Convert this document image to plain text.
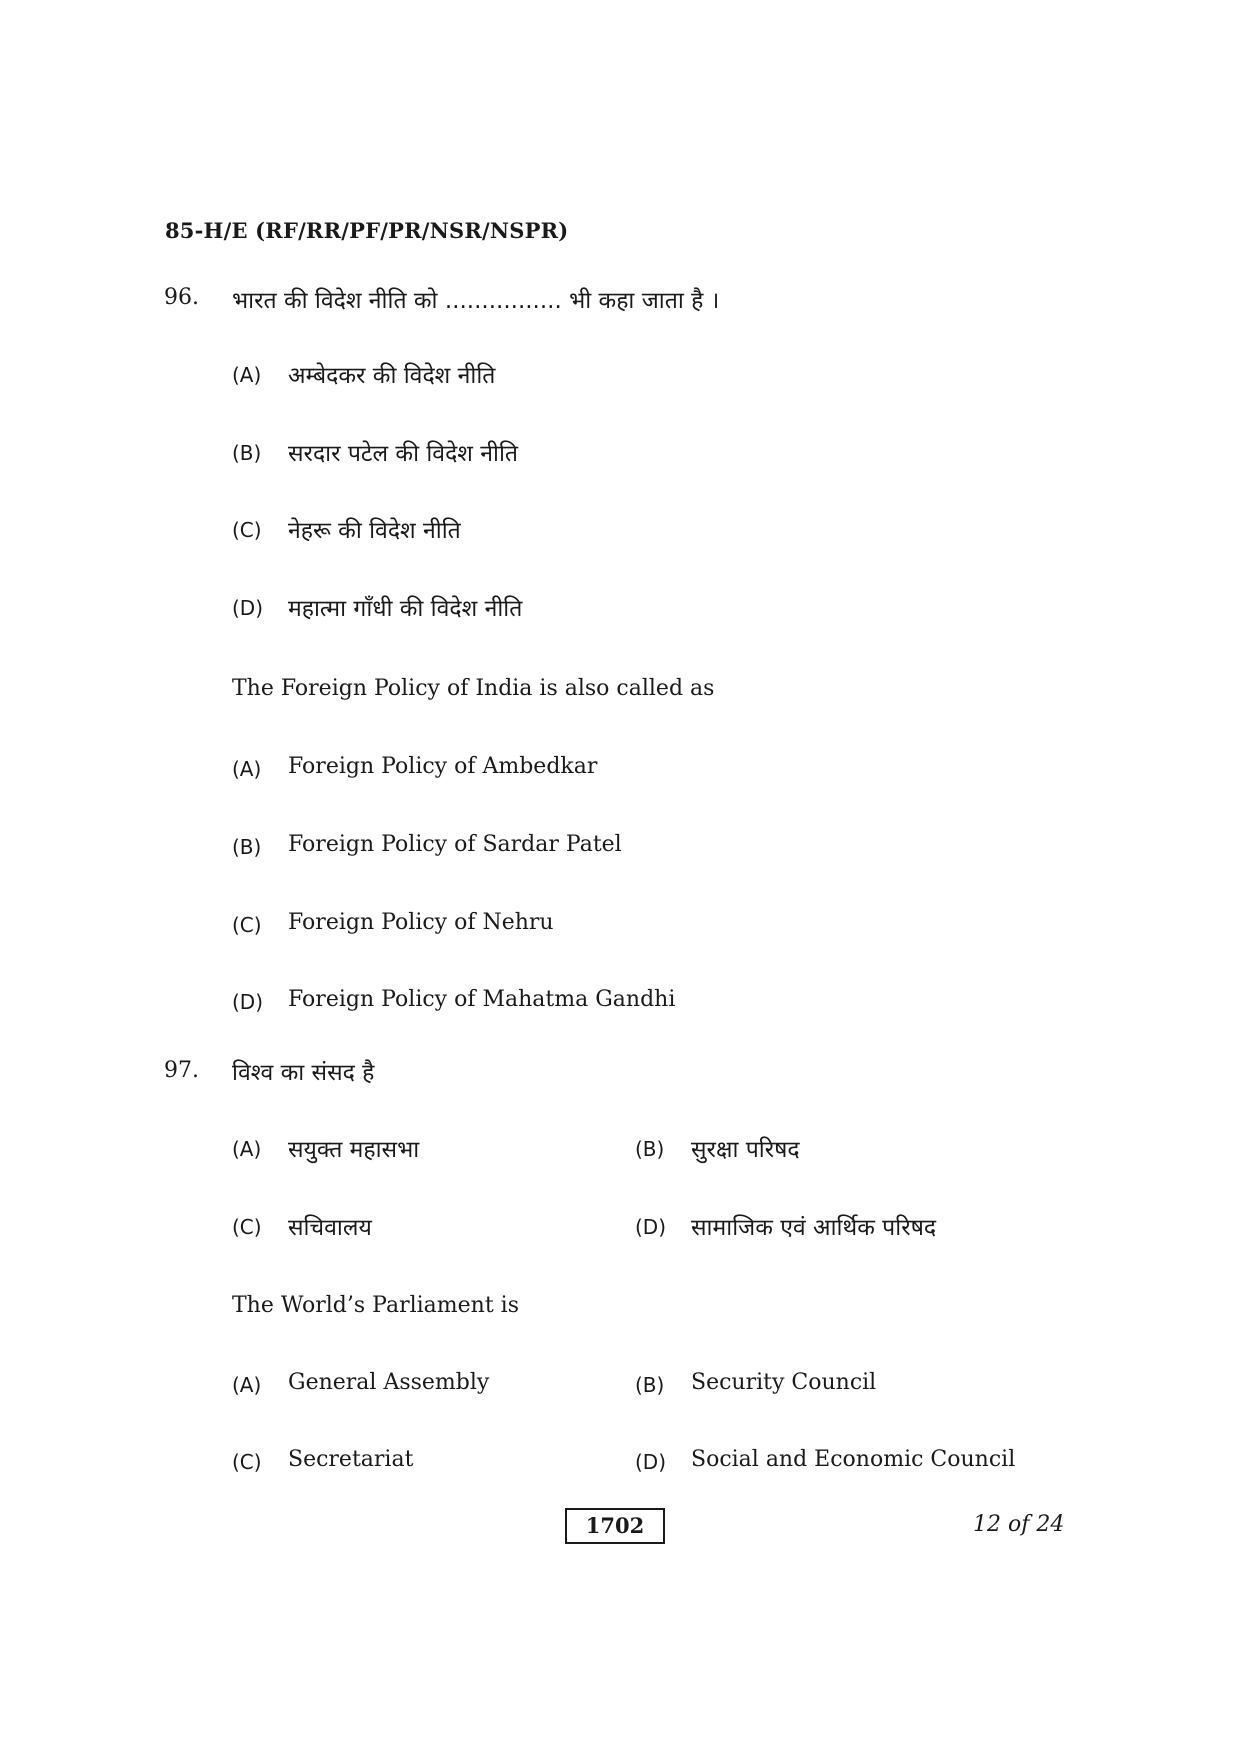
85-H/E (RF/RR/PF/PR/NSR/NSPR)
96. भारत की विदेश नीति को ................ भी कहा जाता है ।
(A) अम्बेदकर की विदेश नीति
(B) सरदार पटेल की विदेश नीति
(C) नेहरू की विदेश नीति
(D) महात्मा गाँधी की विदेश नीति
The Foreign Policy of India is also called as
(A) Foreign Policy of Ambedkar
(B) Foreign Policy of Sardar Patel
(C) Foreign Policy of Nehru
(D) Foreign Policy of Mahatma Gandhi
97. विश्व का संसद है
(A) सयुक्त महासभा	(B) सुरक्षा परिषद
(C) सचिवालय	(D) सामाजिक एवं आर्थिक परिषद
The World’s Parliament is
(A) General Assembly	(B) Security Council
(C) Secretariat	(D) Social and Economic Council
1702	12 of 24
